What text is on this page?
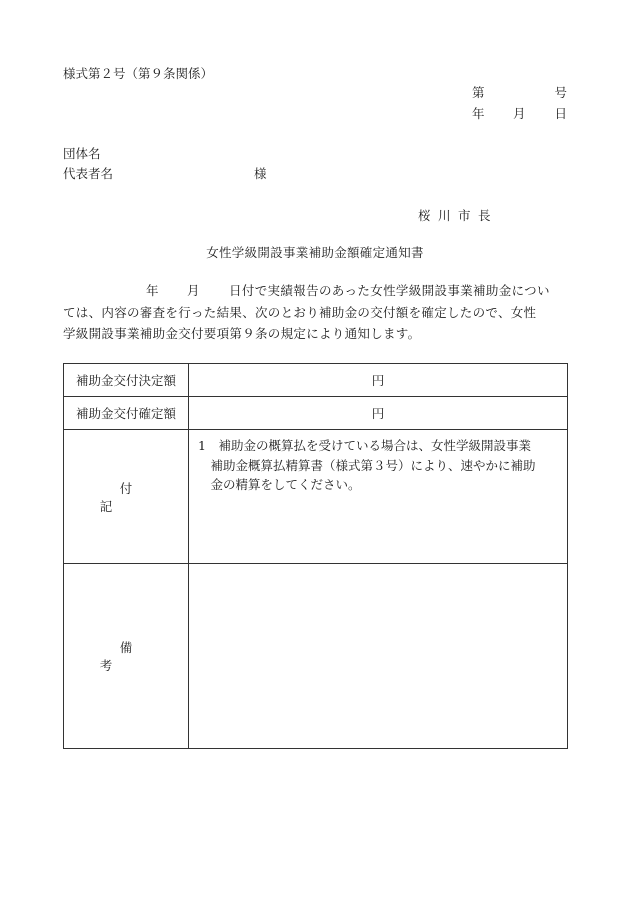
様式第２号（第９条関係）
第	号
年 月 日
団体名
代表者名	様
桜川市長
女性学級開設事業補助金額確定通知書
年 月 日付で実績報告のあった女性学級開設事業補助金につい
ては、内容の審査を行った結果、次のとおり補助金の交付額を確定したので、女性
学級開設事業補助金交付要項第９条の規定により通知します。
補助金交付決定額	円
補助金交付確定額	円
付記	1　補助金の概算払を受けている場合は、女性学級開設事業
　補助金概算払精算書（様式第３号）により、速やかに補助
　金の精算をしてください。

備考	
